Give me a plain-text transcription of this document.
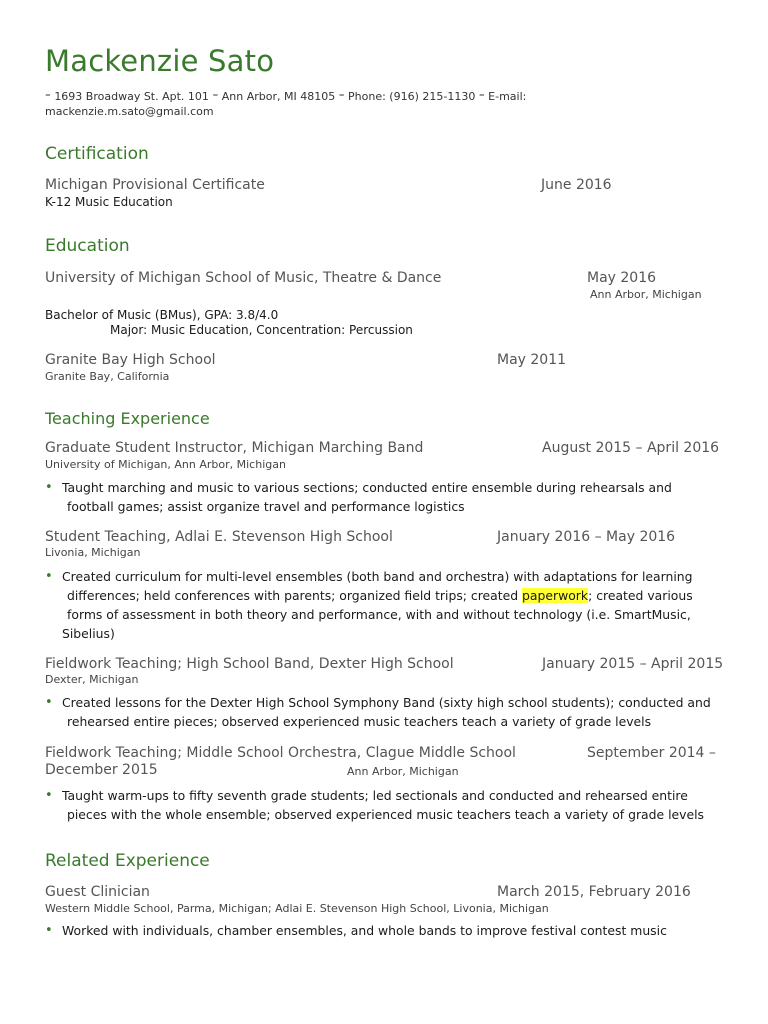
Mackenzie Sato
⁼ 1693 Broadway St. Apt. 101 ⁼ Ann Arbor, MI 48105 ⁼ Phone: (916) 215-1130 ⁼ E-mail:
mackenzie.m.sato@gmail.com
Certification
Michigan Provisional Certificate	June 2016
K-12 Music Education
Education
University of Michigan School of Music, Theatre & Dance	May 2016
Ann Arbor, Michigan
Bachelor of Music (BMus), GPA: 3.8/4.0
Major: Music Education, Concentration: Percussion
Granite Bay High School	May 2011
Granite Bay, California
Teaching Experience
Graduate Student Instructor, Michigan Marching Band	August 2015 – April 2016
University of Michigan, Ann Arbor, Michigan
• Taught marching and music to various sections; conducted entire ensemble during rehearsals and
football games; assist organize travel and performance logistics
Student Teaching, Adlai E. Stevenson High School	January 2016 – May 2016
Livonia, Michigan
• Created curriculum for multi-level ensembles (both band and orchestra) with adaptations for learning
differences; held conferences with parents; organized field trips; created paperwork; created various
forms of assessment in both theory and performance, with and without technology (i.e. SmartMusic,
Sibelius)
Fieldwork Teaching; High School Band, Dexter High School	January 2015 – April 2015
Dexter, Michigan
• Created lessons for the Dexter High School Symphony Band (sixty high school students); conducted and
rehearsed entire pieces; observed experienced music teachers teach a variety of grade levels
Fieldwork Teaching; Middle School Orchestra, Clague Middle School	September 2014 –
December 2015	Ann Arbor, Michigan
• Taught warm-ups to fifty seventh grade students; led sectionals and conducted and rehearsed entire
pieces with the whole ensemble; observed experienced music teachers teach a variety of grade levels
Related Experience
Guest Clinician	March 2015, February 2016
Western Middle School, Parma, Michigan; Adlai E. Stevenson High School, Livonia, Michigan
• Worked with individuals, chamber ensembles, and whole bands to improve festival contest music
